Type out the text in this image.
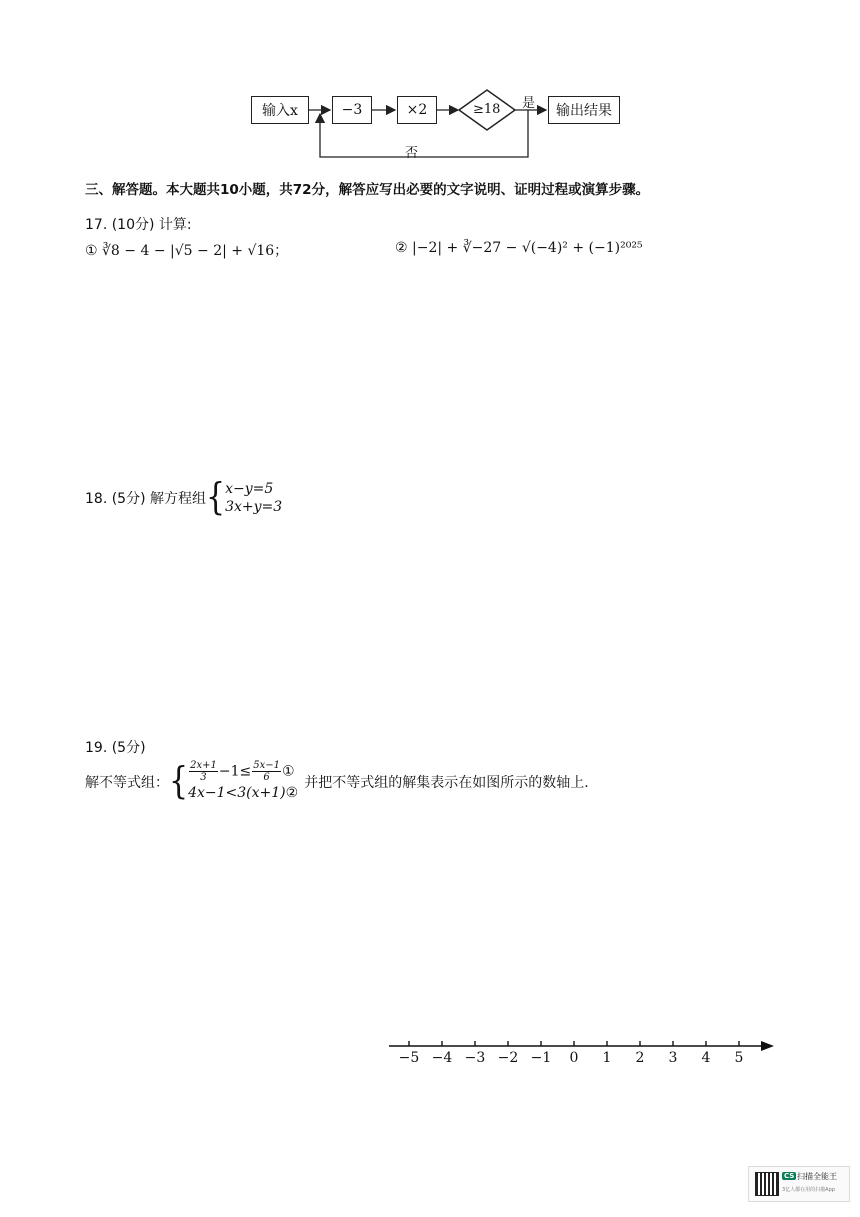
输入x	−3	×2	≥18 是 输出结果
否
三、解答题。本大题共10小题，共72分，解答应写出必要的文字说明、证明过程或演算步骤。
17. (10分) 计算:
① ∛8 − 4 − |√5 − 2| + √16；	② |−2| + ∛−27 − √(−4)² + (−1)²⁰²⁵
18. (5分) 解方程组 { x−y=5
3x+y=3
19. (5分)
解不等式组： { $\frac{2x+1}{3} -1\le \frac{5x-1}{6}$ ①
4x−1<3(x+1)②
并把不等式组的解集表示在如图所示的数轴上.
−5 −4 −3 −2 −1 0 1 2 3 4 5
CS 扫描全能王
3亿人都在用的扫描App
